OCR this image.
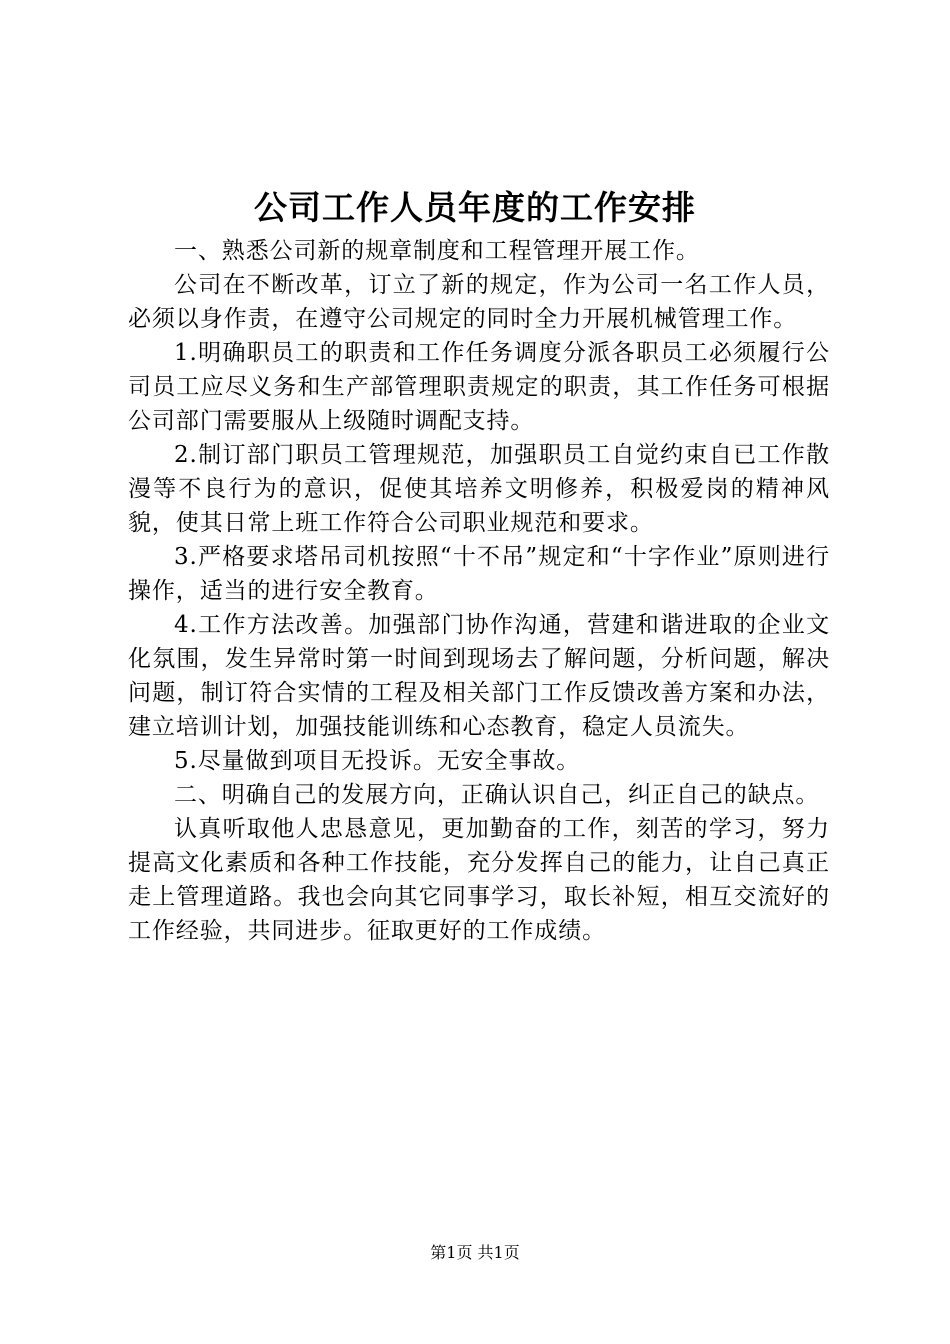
公司工作人员年度的工作安排

一、熟悉公司新的规章制度和工程管理开展工作。

公司在不断改革，订立了新的规定，作为公司一名工作人员，必须以身作责，在遵守公司规定的同时全力开展机械管理工作。

1.明确职员工的职责和工作任务调度分派各职员工必须履行公司员工应尽义务和生产部管理职责规定的职责，其工作任务可根据公司部门需要服从上级随时调配支持。

2.制订部门职员工管理规范，加强职员工自觉约束自已工作散漫等不良行为的意识，促使其培养文明修养，积极爱岗的精神风貌，使其日常上班工作符合公司职业规范和要求。

3.严格要求塔吊司机按照“十不吊”规定和“十字作业”原则进行操作，适当的进行安全教育。

4.工作方法改善。加强部门协作沟通，营建和谐进取的企业文化氛围，发生异常时第一时间到现场去了解问题，分析问题，解决问题，制订符合实情的工程及相关部门工作反馈改善方案和办法，建立培训计划，加强技能训练和心态教育，稳定人员流失。

5.尽量做到项目无投诉。无安全事故。

二、明确自己的发展方向，正确认识自己，纠正自己的缺点。

认真听取他人忠恳意见，更加勤奋的工作，刻苦的学习，努力提高文化素质和各种工作技能，充分发挥自己的能力，让自己真正走上管理道路。我也会向其它同事学习，取长补短，相互交流好的工作经验，共同进步。征取更好的工作成绩。

第1页 共1页
